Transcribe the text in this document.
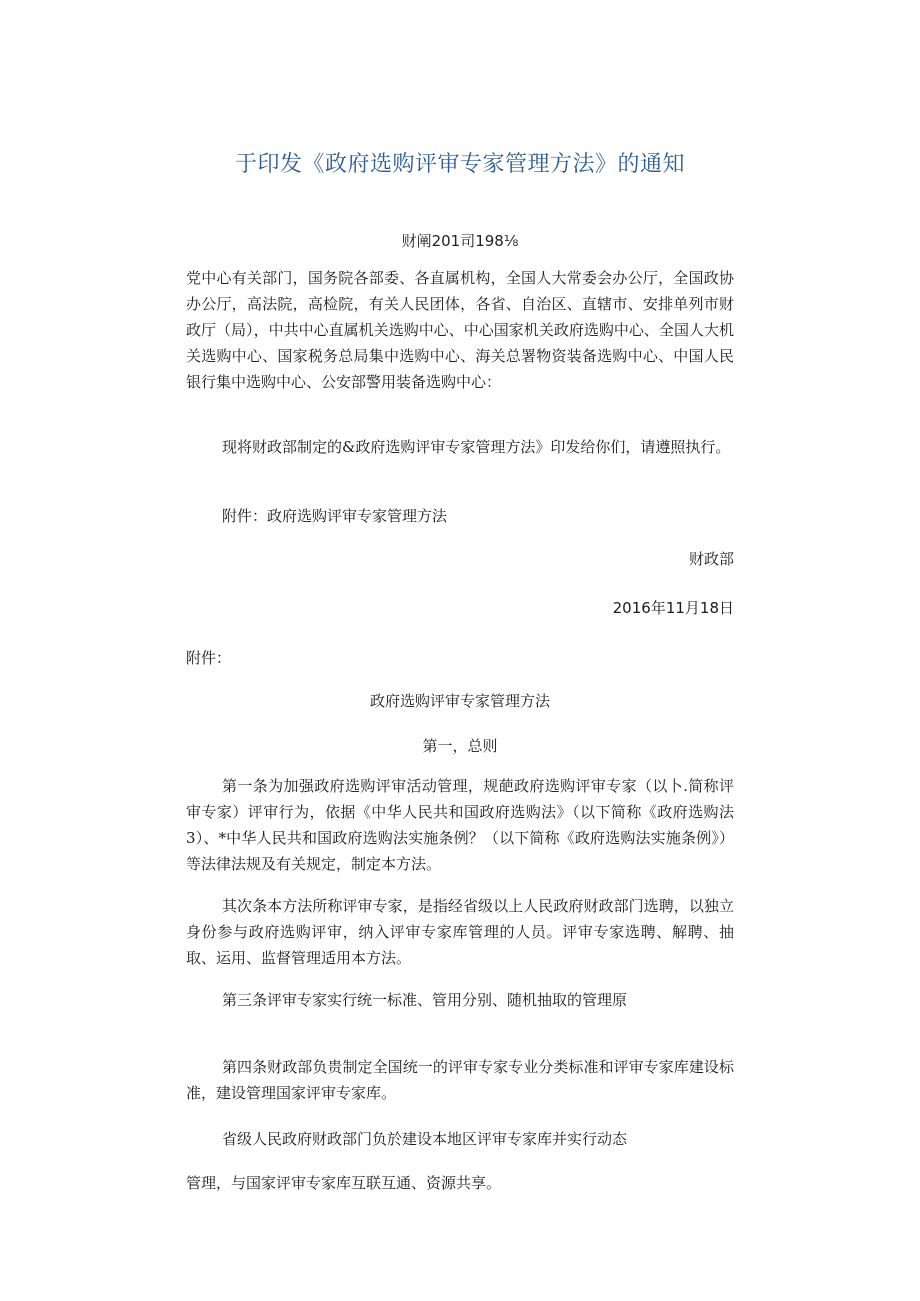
于印发《政府选购评审专家管理方法》的通知
财阐201司198⅛

党中心有关部门，国务院各部委、各直属机构，全国人大常委会办公厅，全国政协办公厅，高法院，高检院，有关人民团体，各省、自治区、直辖市、安排单列市财政厅（局），中共中心直属机关选购中心、中心国家机关政府选购中心、全国人大机关选购中心、国家税务总局集中选购中心、海关总署物资装备选购中心、中国人民银行集中选购中心、公安部警用装备选购中心：

现将财政部制定的&政府选购评审专家管理方法》印发给你们，请遵照执行。

附件：政府选购评审专家管理方法

财政部

2016年11月18日

附件：

政府选购评审专家管理方法

第一，总则

第一条为加强政府选购评审活动管理，规葩政府选购评审专家（以卜.简称评审专家）评审行为，依据《中华人民共和国政府选购法》（以下简称《政府选购法3）、*中华人民共和国政府选购法实施条例？（以下简称《政府选购法实施条例》）等法律法规及有关规定，制定本方法。

其次条本方法所称评审专家，是指经省级以上人民政府财政部门选聘，以独立身份参与政府选购评审，纳入评审专家库管理的人员。评审专家选聘、解聘、抽取、运用、监督管理适用本方法。

第三条评审专家实行统一标准、管用分别、随机抽取的管理原

第四条财政部负贵制定全国统一的评审专家专业分类标准和评审专家库建设标准，建设管理国家评审专家库。

省级人民政府财政部门负於建设本地区评审专家库并实行动态

管理，与国家评审专家库互联互通、资源共享。
